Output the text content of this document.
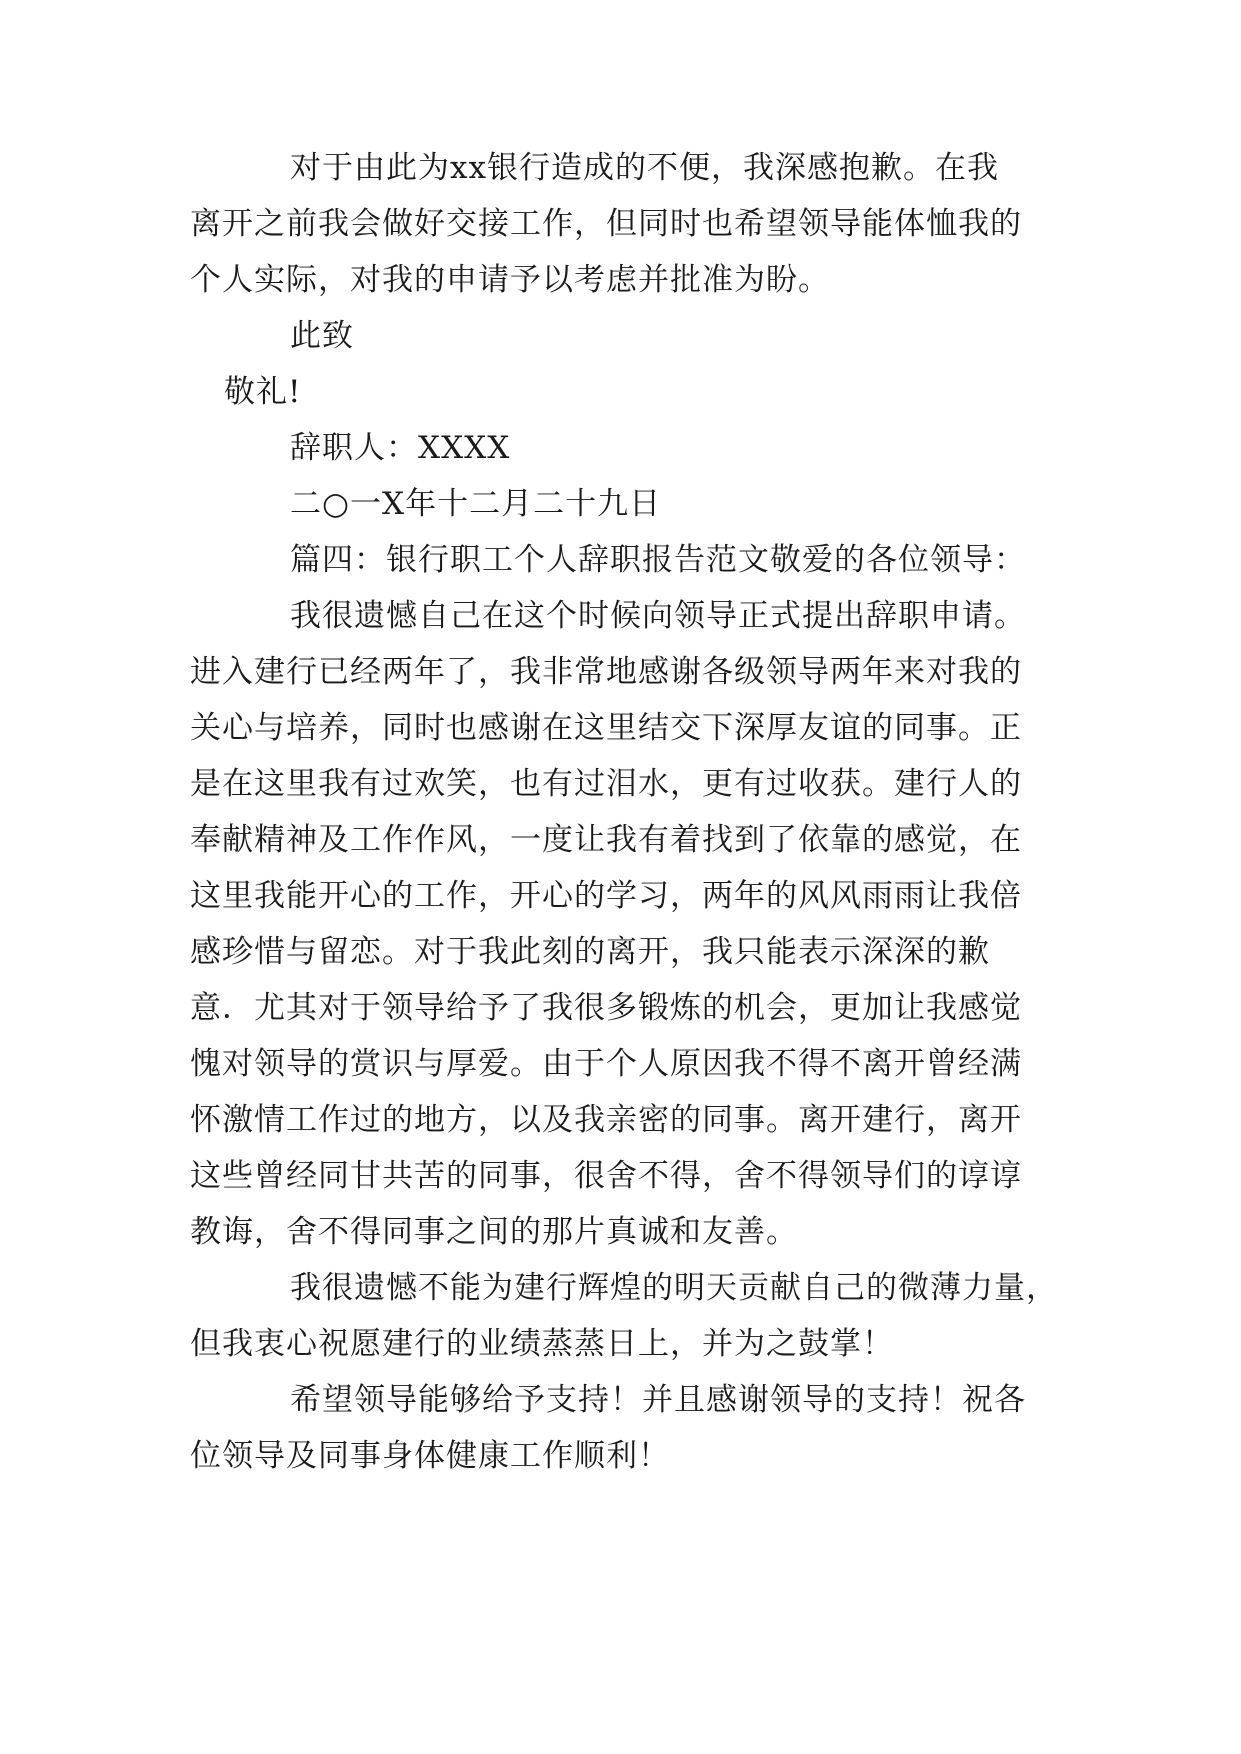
对于由此为xx银行造成的不便，我深感抱歉。在我
离开之前我会做好交接工作，但同时也希望领导能体恤我的
个人实际，对我的申请予以考虑并批准为盼。
此致
敬礼!
辞职人：XXXX
二○一X年十二月二十九日
篇四：银行职工个人辞职报告范文敬爱的各位领导：
我很遗憾自己在这个时候向领导正式提出辞职申请。
进入建行已经两年了，我非常地感谢各级领导两年来对我的
关心与培养，同时也感谢在这里结交下深厚友谊的同事。正
是在这里我有过欢笑，也有过泪水，更有过收获。建行人的
奉献精神及工作作风，一度让我有着找到了依靠的感觉，在
这里我能开心的工作，开心的学习，两年的风风雨雨让我倍
感珍惜与留恋。对于我此刻的离开，我只能表示深深的歉
意．尤其对于领导给予了我很多锻炼的机会，更加让我感觉
愧对领导的赏识与厚爱。由于个人原因我不得不离开曾经满
怀激情工作过的地方，以及我亲密的同事。离开建行，离开
这些曾经同甘共苦的同事，很舍不得，舍不得领导们的谆谆
教诲，舍不得同事之间的那片真诚和友善。
我很遗憾不能为建行辉煌的明天贡献自己的微薄力量，
但我衷心祝愿建行的业绩蒸蒸日上，并为之鼓掌！
希望领导能够给予支持！并且感谢领导的支持！祝各
位领导及同事身体健康工作顺利！
